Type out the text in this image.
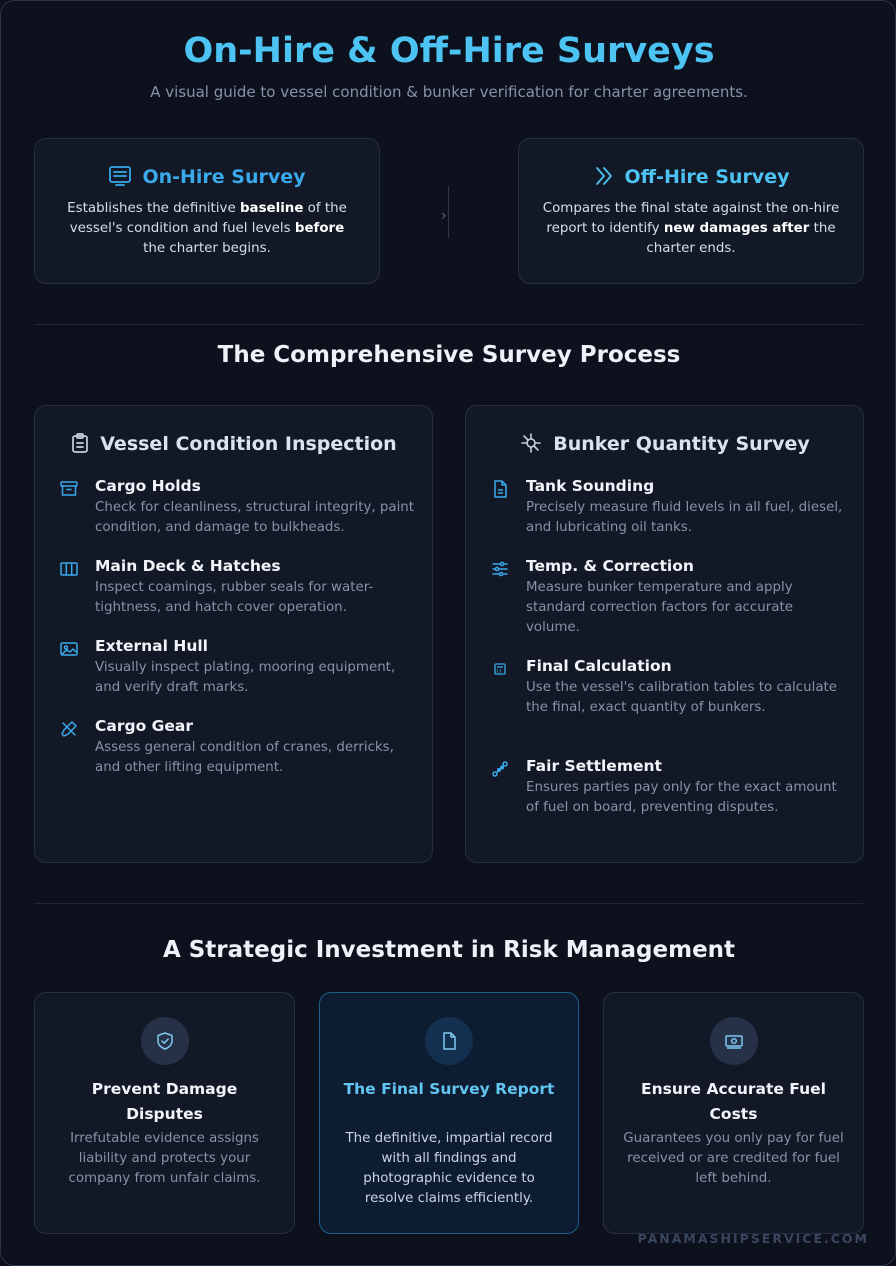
On-Hire & Off-Hire Surveys
A visual guide to vessel condition & bunker verification for charter agreements.
On-Hire Survey
Establishes the definitive baseline of the vessel's condition and fuel levels before the charter begins.
›
Off-Hire Survey
Compares the final state against the on-hire report to identify new damages after the charter ends.
The Comprehensive Survey Process
Vessel Condition Inspection
Cargo Holds
Check for cleanliness, structural integrity, paint condition, and damage to bulkheads.
Main Deck & Hatches
Inspect coamings, rubber seals for water-tightness, and hatch cover operation.
External Hull
Visually inspect plating, mooring equipment, and verify draft marks.
Cargo Gear
Assess general condition of cranes, derricks, and other lifting equipment.
Bunker Quantity Survey
Tank Sounding
Precisely measure fluid levels in all fuel, diesel, and lubricating oil tanks.
Temp. & Correction
Measure bunker temperature and apply standard correction factors for accurate volume.
Final Calculation
Use the vessel's calibration tables to calculate the final, exact quantity of bunkers.
Fair Settlement
Ensures parties pay only for the exact amount of fuel on board, preventing disputes.
A Strategic Investment in Risk Management
Prevent Damage Disputes
Irrefutable evidence assigns liability and protects your company from unfair claims.
The Final Survey Report
The definitive, impartial record with all findings and photographic evidence to resolve claims efficiently.
Ensure Accurate Fuel Costs
Guarantees you only pay for fuel received or are credited for fuel left behind.
PANAMASHIPSERVICE.COM
